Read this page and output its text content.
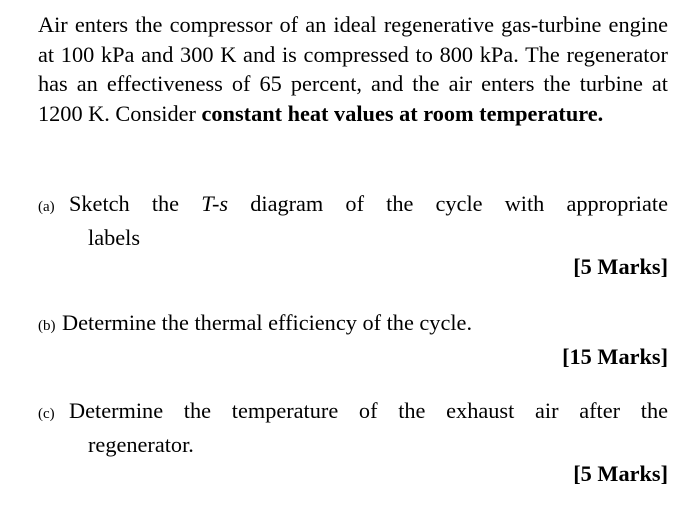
Air enters the compressor of an ideal regenerative gas-turbine engine at 100 kPa and 300 K and is compressed to 800 kPa. The regenerator has an effectiveness of 65 percent, and the air enters the turbine at 1200 K. Consider constant heat values at room temperature.
(a) Sketch the T-s diagram of the cycle with appropriate
labels
[5 Marks]
(b) Determine the thermal efficiency of the cycle.
[15 Marks]
(c) Determine the temperature of the exhaust air after the
regenerator.
[5 Marks]
